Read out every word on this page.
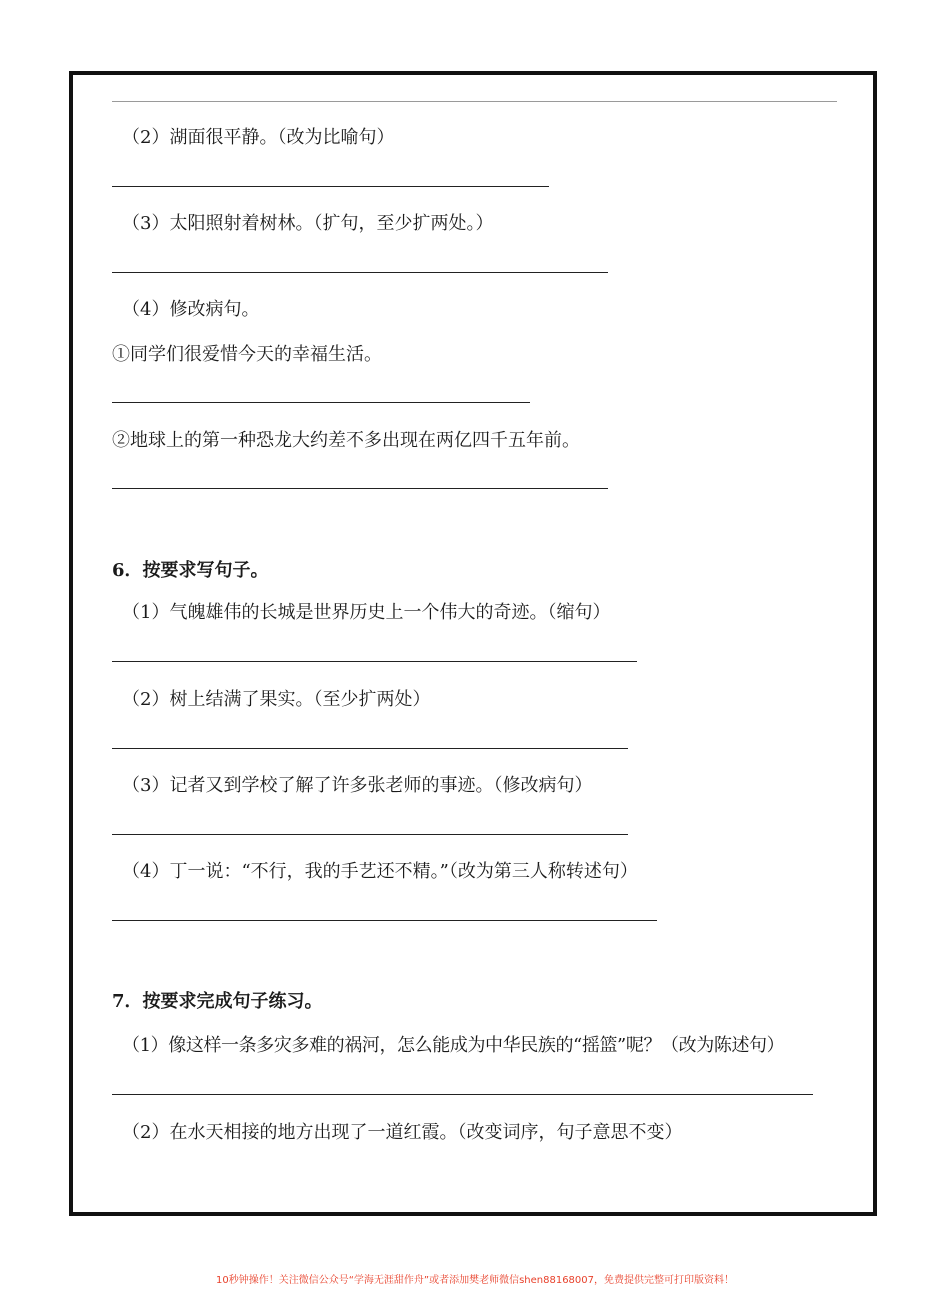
（2）湖面很平静。（改为比喻句）
（3）太阳照射着树林。（扩句，至少扩两处。）
（4）修改病句。
①同学们很爱惜今天的幸福生活。
②地球上的第一种恐龙大约差不多出现在两亿四千五年前。
6．按要求写句子。
（1）气魄雄伟的长城是世界历史上一个伟大的奇迹。（缩句）
（2）树上结满了果实。（至少扩两处）
（3）记者又到学校了解了许多张老师的事迹。（修改病句）
（4）丁一说：“不行，我的手艺还不精。”（改为第三人称转述句）
7．按要求完成句子练习。
（1）像这样一条多灾多难的祸河，怎么能成为中华民族的“摇篮”呢？（改为陈述句）
（2）在水天相接的地方出现了一道红霞。（改变词序，句子意思不变）
10秒钟操作！关注微信公众号“学海无涯甜作舟”或者添加樊老师微信shen88168007，免费提供完整可打印版资料！
